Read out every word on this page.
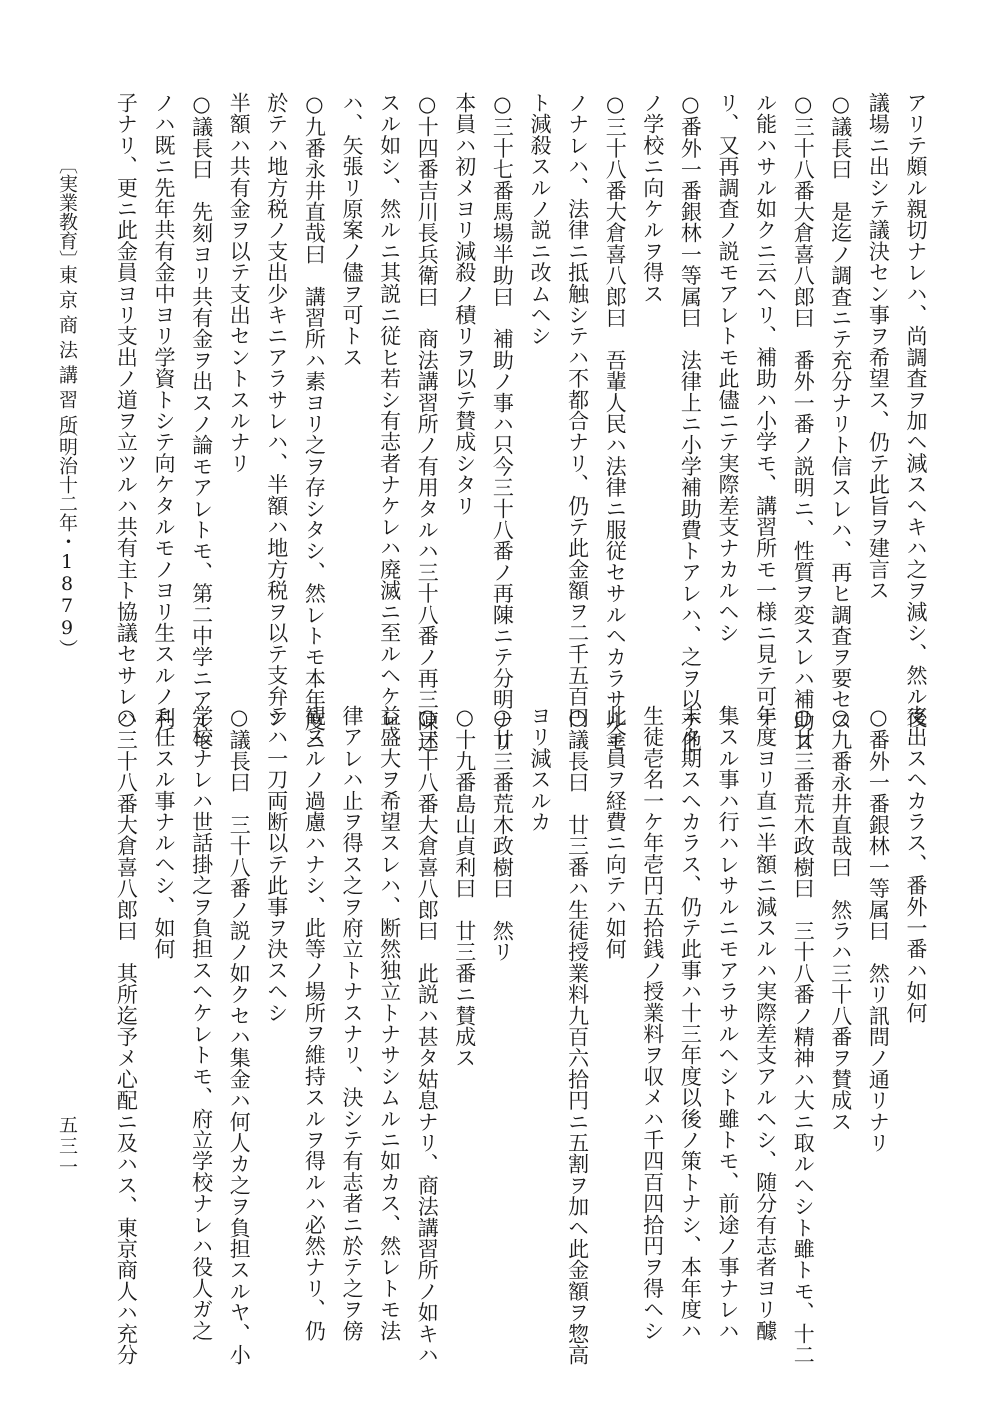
アリテ頗ル親切ナレハ、尚調査ヲ加ヘ減スヘキハ之ヲ減シ、然ル後
議場ニ出シテ議決セン事ヲ希望ス、仍テ此旨ヲ建言ス
○議長曰　是迄ノ調査ニテ充分ナリト信スレハ、再ヒ調査ヲ要セス
○三十八番大倉喜八郎曰　番外一番ノ説明ニ、性質ヲ変スレハ補助ス
ル能ハサル如クニ云ヘリ、補助ハ小学モ、講習所モ一様ニ見テ可ナ
リ、又再調査ノ説モアレトモ此儘ニテ実際差支ナカルヘシ
○番外一番銀林一等属曰　法律上ニ小学補助費トアレハ、之ヲ以テ他
ノ学校ニ向ケルヲ得ス
○三十八番大倉喜八郎曰　吾輩人民ハ法律ニ服従セサルヘカラサルモ
ノナレハ、法律ニ抵触シテハ不都合ナリ、仍テ此金額ヲ二千五百円
ト減殺スルノ説ニ改ムヘシ
○三十七番馬場半助曰　補助ノ事ハ只今三十八番ノ再陳ニテ分明ナリ
本員ハ初メヨリ減殺ノ積リヲ以テ賛成シタリ
○十四番吉川長兵衛曰　商法講習所ノ有用タルハ三十八番ノ再三陳述
スル如シ、然ルニ其説ニ従ヒ若シ有志者ナケレハ廃滅ニ至ルヘケレ
ハ、矢張リ原案ノ儘ヲ可トス
○九番永井直哉曰　講習所ハ素ヨリ之ヲ存シタシ、然レトモ本年度ニ
於テハ地方税ノ支出少キニアラサレハ、半額ハ地方税ヲ以テ支弁シ
半額ハ共有金ヲ以テ支出セントスルナリ
○議長曰　先刻ヨリ共有金ヲ出スノ論モアレトモ、第二中学ニアルモ
ノハ既ニ先年共有金中ヨリ学資トシテ向ケタルモノヨリ生スルノ利
子ナリ、更ニ此金員ヨリ支出ノ道ヲ立ツルハ共有主ト協議セサレハ
支出スヘカラス、番外一番ハ如何
○番外一番銀林一等属曰　然リ訊問ノ通リナリ
○九番永井直哉曰　然ラハ三十八番ヲ賛成ス
○廿三番荒木政樹曰　三十八番ノ精神ハ大ニ取ルヘシト雖トモ、十二
年度ヨリ直ニ半額ニ減スルハ実際差支アルヘシ、随分有志者ヨリ醵
集スル事ハ行ハレサルニモアラサルヘシト雖トモ、前途ノ事ナレハ
未タ期スヘカラス、仍テ此事ハ十三年度以後ノ策トナシ、本年度ハ
生徒壱名一ケ年壱円五拾銭ノ授業料ヲ収メハ千四百四拾円ヲ得ヘシ
此金員ヲ経費ニ向テハ如何
○議長曰　廿三番ハ生徒授業料九百六拾円ニ五割ヲ加ヘ此金額ヲ惣高
ヨリ減スルカ
○廿三番荒木政樹曰　然リ
○十九番島山貞利曰　廿三番ニ賛成ス
○三十八番大倉喜八郎曰　此説ハ甚タ姑息ナリ、商法講習所ノ如キハ
益盛大ヲ希望スレハ、断然独立トナサシムルニ如カス、然レトモ法
律アレハ止ヲ得ス之ヲ府立トナスナリ、決シテ有志者ニ於テ之ヲ傍
観スルノ過慮ハナシ、此等ノ場所ヲ維持スルヲ得ルハ必然ナリ、仍
テハ一刀両断以テ此事ヲ決スヘシ
○議長曰　三十八番ノ説ノ如クセハ集金ハ何人カ之ヲ負担スルヤ、小
学校ナレハ世話掛之ヲ負担スヘケレトモ、府立学校ナレハ役人ガ之
ニ任スル事ナルヘシ、如何
○三十八番大倉喜八郎曰　其所迄予メ心配ニ及ハス、東京商人ハ充分
〔実業教育〕
東京商法講習所
（明治十二年・1879）
五三一
